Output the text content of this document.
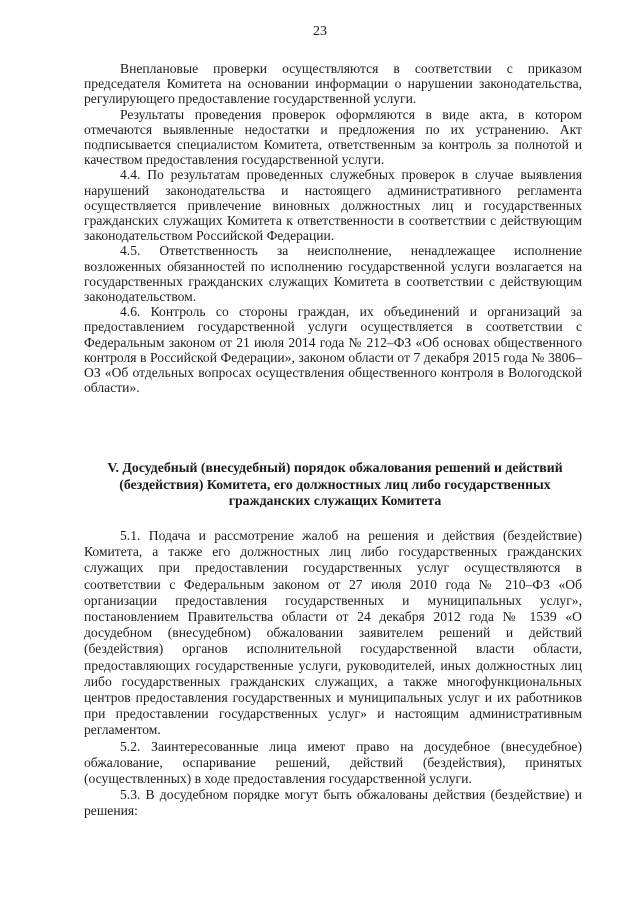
23

Внеплановые проверки осуществляются в соответствии с приказом председателя Комитета на основании информации о нарушении законодательства, регулирующего предоставление государственной услуги.

Результаты проведения проверок оформляются в виде акта, в котором отмечаются выявленные недостатки и предложения по их устранению. Акт подписывается специалистом Комитета, ответственным за контроль за полнотой и качеством предоставления государственной услуги.

4.4. По результатам проведенных служебных проверок в случае выявления нарушений законодательства и настоящего административного регламента осуществляется привлечение виновных должностных лиц и государственных гражданских служащих Комитета к ответственности в соответствии с действующим законодательством Российской Федерации.

4.5. Ответственность за неисполнение, ненадлежащее исполнение возложенных обязанностей по исполнению государственной услуги возлагается на государственных гражданских служащих Комитета в соответствии с действующим законодательством.

4.6. Контроль со стороны граждан, их объединений и организаций за предоставлением государственной услуги осуществляется в соответствии с Федеральным законом от 21 июля 2014 года № 212–ФЗ «Об основах общественного контроля в Российской Федерации», законом области от 7 декабря 2015 года № 3806–ОЗ «Об отдельных вопросах осуществления общественного контроля в Вологодской области».

V. Досудебный (внесудебный) порядок обжалования решений и действий (бездействия) Комитета, его должностных лиц либо государственных гражданских служащих Комитета

5.1. Подача и рассмотрение жалоб на решения и действия (бездействие) Комитета, а также его должностных лиц либо государственных гражданских служащих при предоставлении государственных услуг осуществляются в соответствии с Федеральным законом от 27 июля 2010 года № 210–ФЗ «Об организации предоставления государственных и муниципальных услуг», постановлением Правительства области от 24 декабря 2012 года № 1539 «О досудебном (внесудебном) обжаловании заявителем решений и действий (бездействия) органов исполнительной государственной власти области, предоставляющих государственные услуги, руководителей, иных должностных лиц либо государственных гражданских служащих, а также многофункциональных центров предоставления государственных и муниципальных услуг и их работников при предоставлении государственных услуг» и настоящим административным регламентом.

5.2. Заинтересованные лица имеют право на досудебное (внесудебное) обжалование, оспаривание решений, действий (бездействия), принятых (осуществленных) в ходе предоставления государственной услуги.

5.3. В досудебном порядке могут быть обжалованы действия (бездействие) и решения:
